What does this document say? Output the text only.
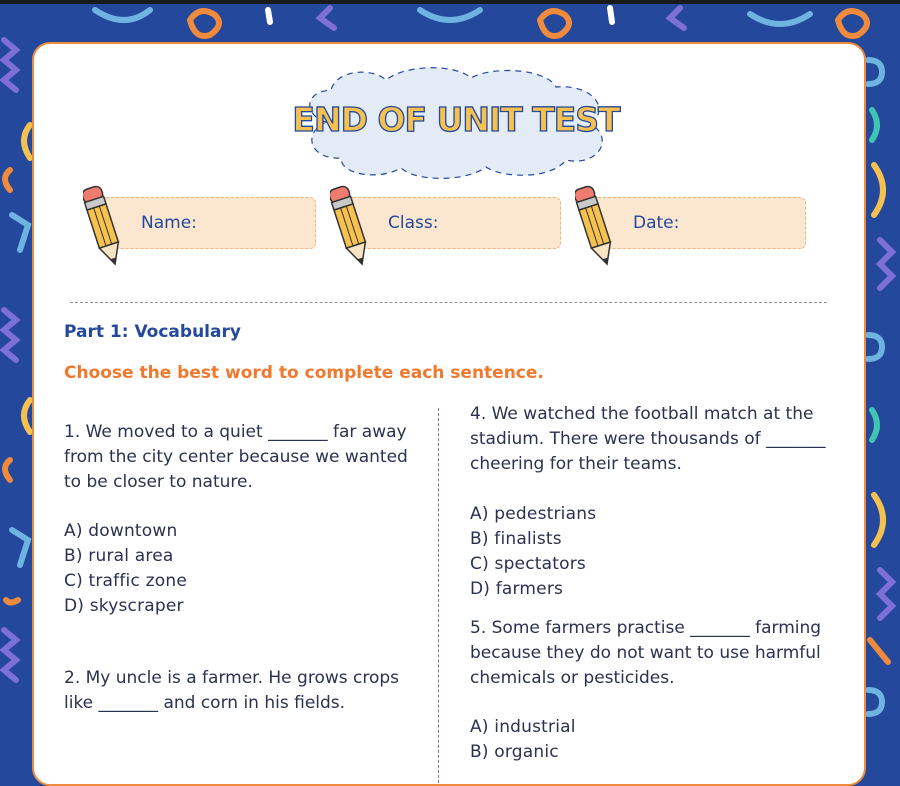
END OF UNIT TEST
Name:	Class:	Date:
Part 1: Vocabulary
Choose the best word to complete each sentence.
1. We moved to a quiet _______ far away from the city center because we wanted to be closer to nature.
A) downtown
B) rural area
C) traffic zone
D) skyscraper
2. My uncle is a farmer. He grows crops like _______ and corn in his fields.
4. We watched the football match at the stadium. There were thousands of _______ cheering for their teams.
A) pedestrians
B) finalists
C) spectators
D) farmers
5. Some farmers practise _______ farming because they do not want to use harmful chemicals or pesticides.
A) industrial
B) organic
